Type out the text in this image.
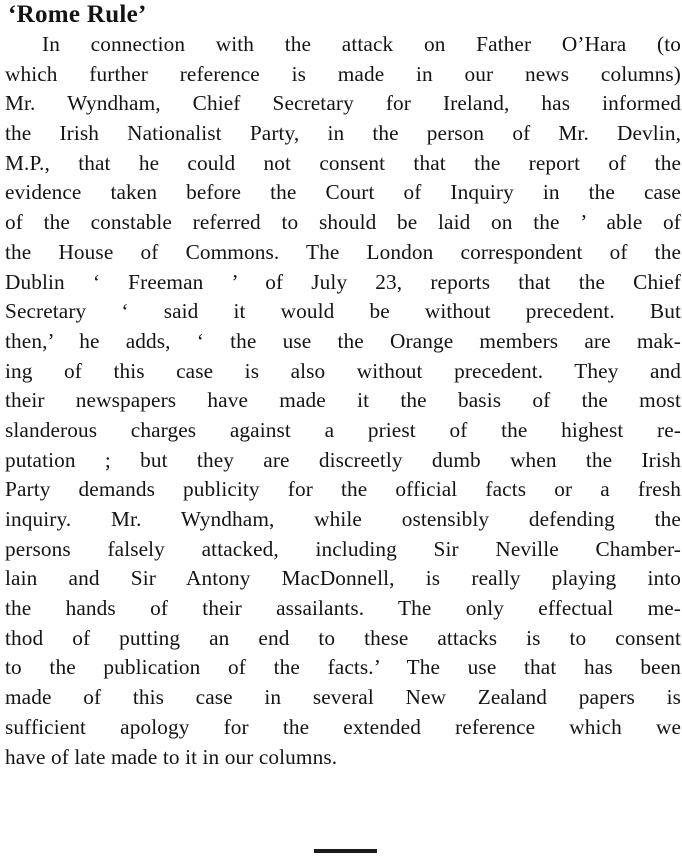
‘Rome Rule’
In connection with the attack on Father O’Hara (to
which further reference is made in our news columns)
Mr. Wyndham, Chief Secretary for Ireland, has informed
the Irish Nationalist Party, in the person of Mr. Devlin,
M.P., that he could not consent that the report of the
evidence taken before the Court of Inquiry in the case
of the constable referred to should be laid on the ’ able of
the House of Commons. The London correspondent of the
Dublin ‘ Freeman ’ of July 23, reports that the Chief
Secretary ‘ said it would be without precedent. But
then,’ he adds, ‘ the use the Orange members are mak-
ing of this case is also without precedent. They and
their newspapers have made it the basis of the most
slanderous charges against a priest of the highest re-
putation ; but they are discreetly dumb when the Irish
Party demands publicity for the official facts or a fresh
inquiry. Mr. Wyndham, while ostensibly defending the
persons falsely attacked, including Sir Neville Chamber-
lain and Sir Antony MacDonnell, is really playing into
the hands of their assailants. The only effectual me-
thod of putting an end to these attacks is to consent
to the publication of the facts.’ The use that has been
made of this case in several New Zealand papers is
sufficient apology for the extended reference which we
have of late made to it in our columns.
